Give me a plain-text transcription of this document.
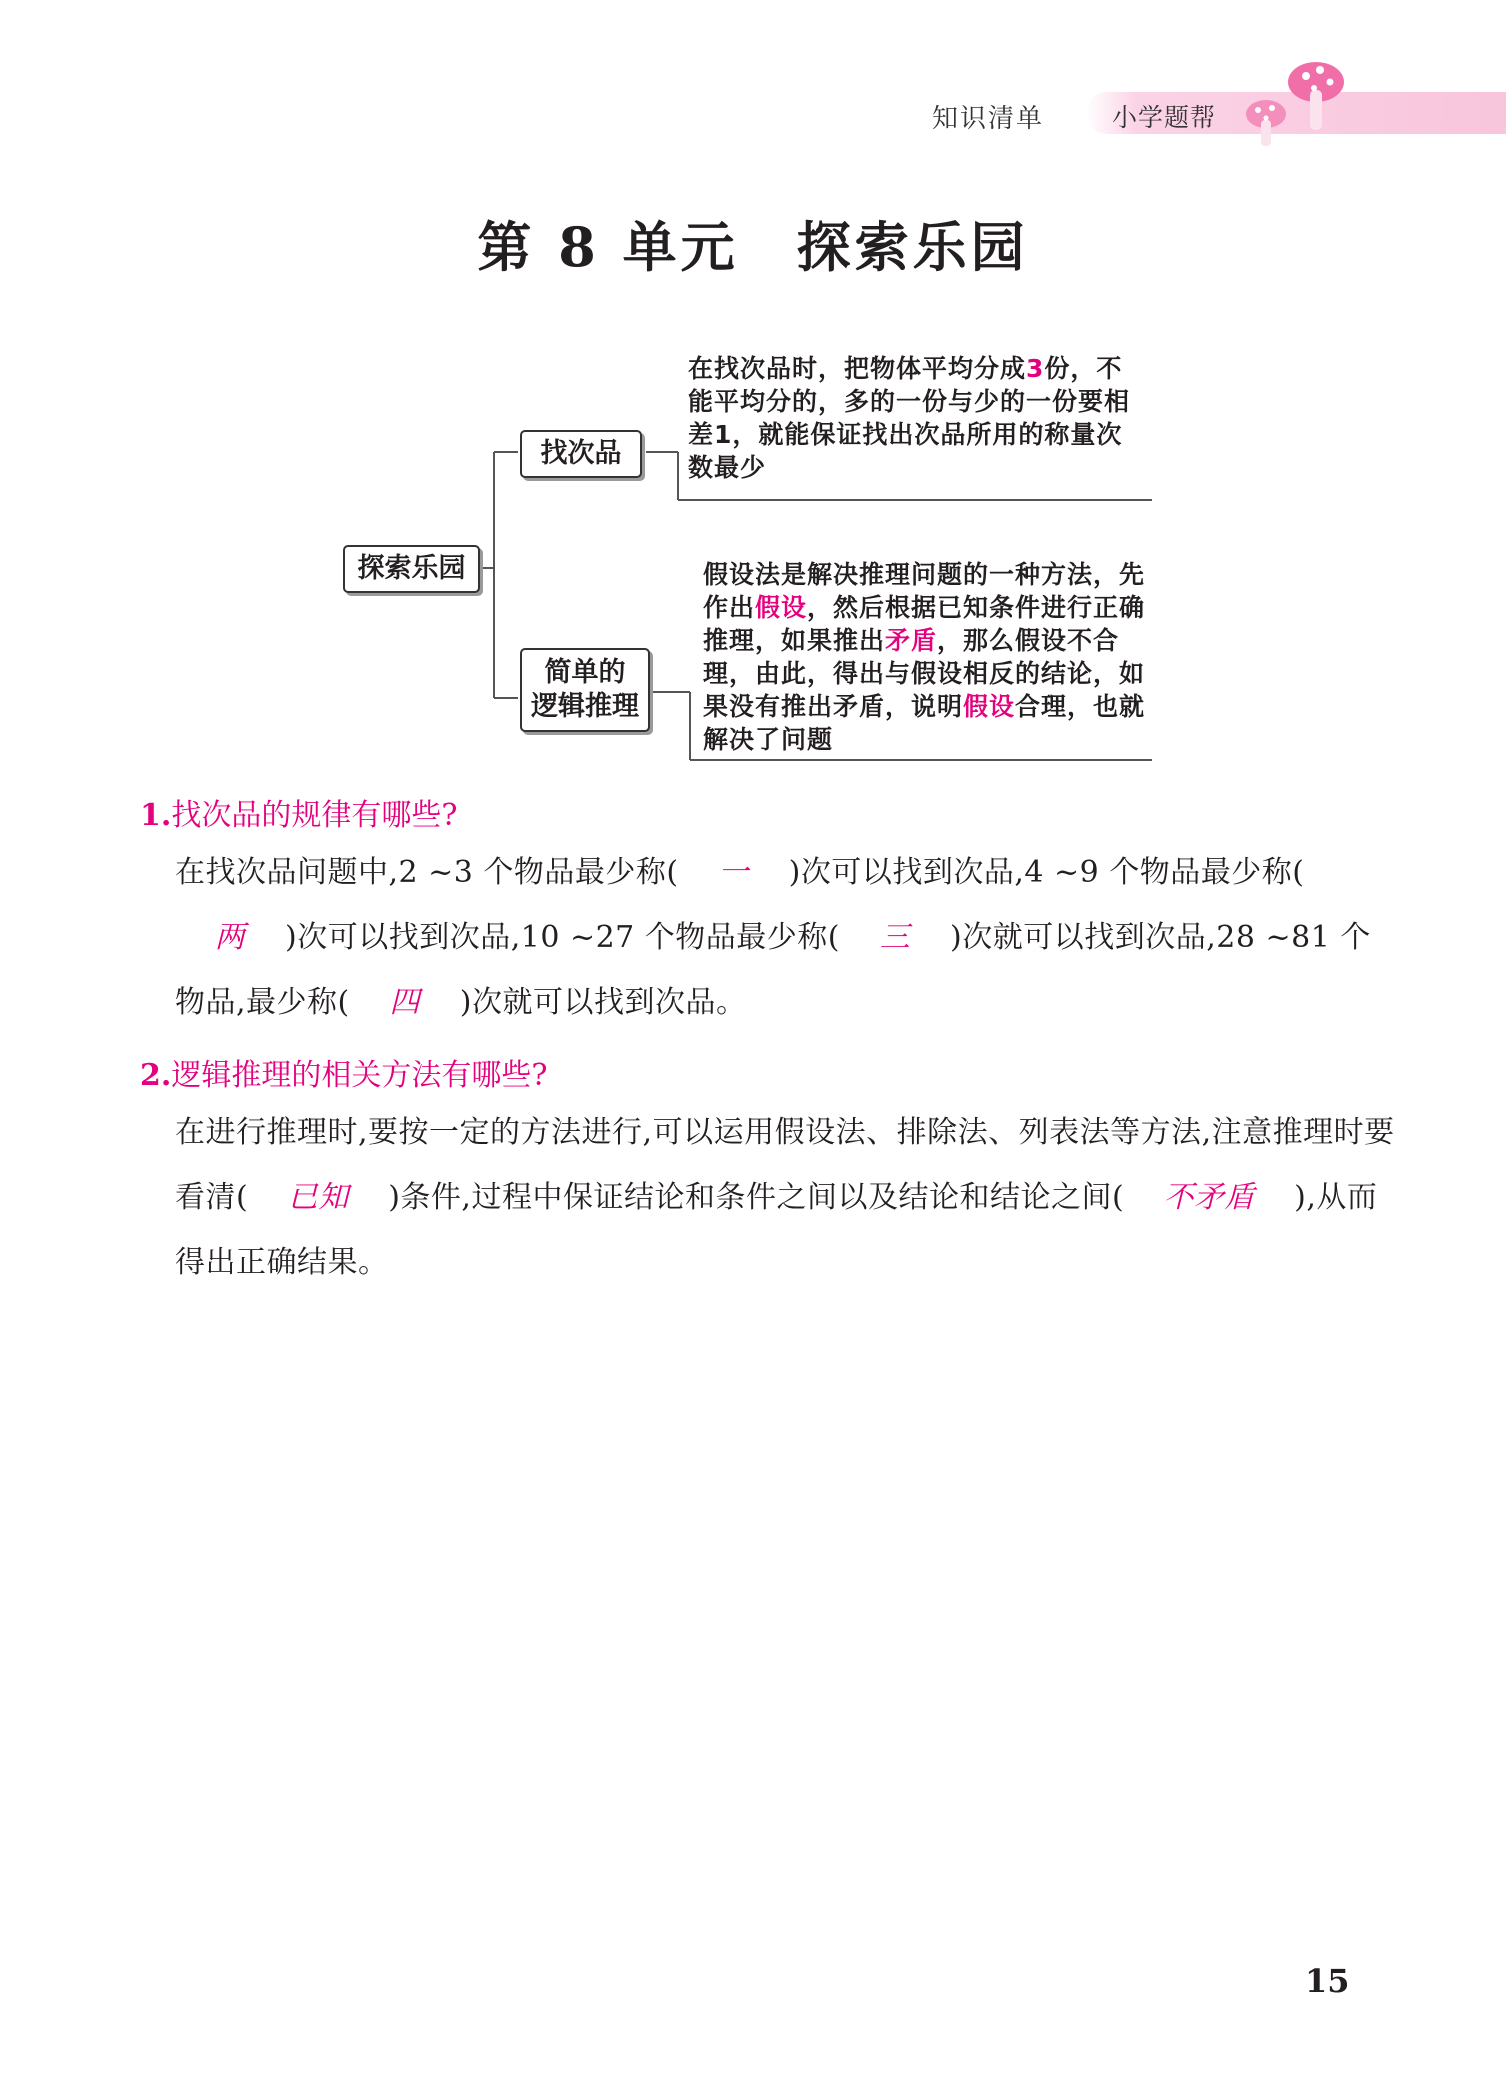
知识清单	小学题帮
第 8 单元　探索乐园
探索乐园
找次品
简单的
逻辑推理
在找次品时，把物体平均分成3份，不能平均分的，多的一份与少的一份要相差1，就能保证找出次品所用的称量次数最少
假设法是解决推理问题的一种方法，先作出假设，然后根据已知条件进行正确推理，如果推出矛盾，那么假设不合理，由此，得出与假设相反的结论，如果没有推出矛盾，说明假设合理，也就解决了问题
1.找次品的规律有哪些?
在找次品问题中,2 ~3 个物品最少称( 一 )次可以找到次品,4 ~9 个物品最少称(两 )次可以找到次品,10 ~27 个物品最少称( 三 )次就可以找到次品,28 ~81 个物品,最少称( 四 )次就可以找到次品。
2.逻辑推理的相关方法有哪些?
在进行推理时,要按一定的方法进行,可以运用假设法、排除法、列表法等方法,注意推理时要看清( 已知 )条件,过程中保证结论和条件之间以及结论和结论之间( 不矛盾 ),从而得出正确结果。
15
